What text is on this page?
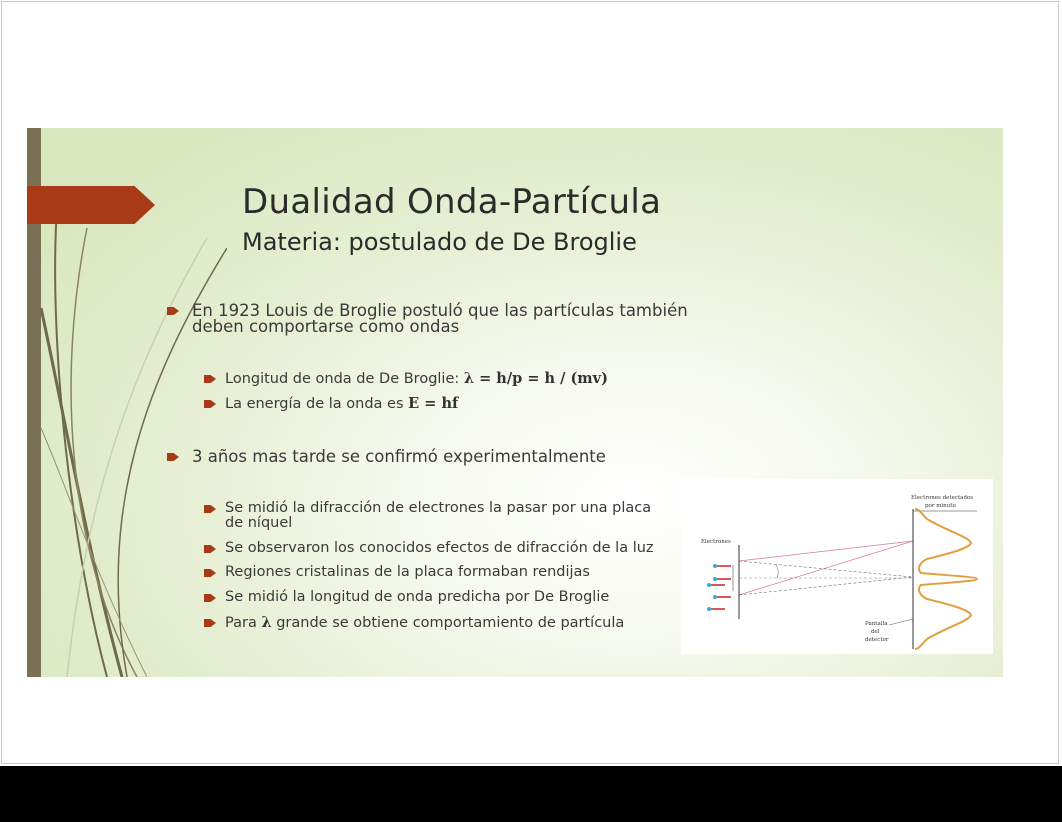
Dualidad Onda-Partícula
Materia: postulado de De Broglie
En 1923 Louis de Broglie postuló que las partículas también
deben comportarse como ondas
Longitud de onda de De Broglie: λ = h/p = h / (mv)
La energía de la onda es E = hf
3 años mas tarde se confirmó experimentalmente
Se midió la difracción de electrones la pasar por una placa
de níquel
Se observaron los conocidos efectos de difracción de la luz
Regiones cristalinas de la placa formaban rendijas
Se midió la longitud de onda predicha por De Broglie
Para λ grande se obtiene comportamiento de partícula
Electrones
Electrones detectados
por minuto
Pantalla
del
detector
